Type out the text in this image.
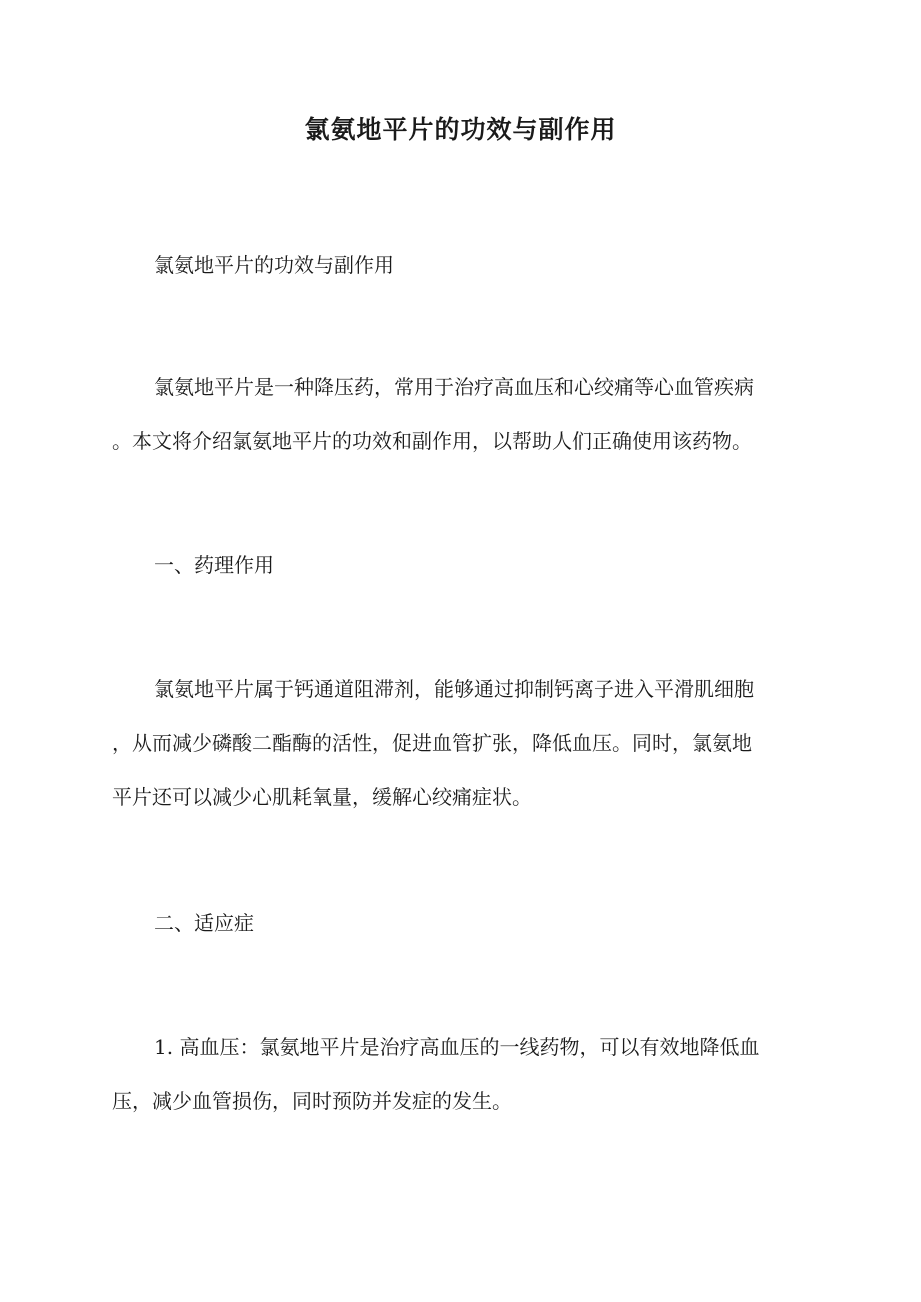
氯氨地平片的功效与副作用
氯氨地平片的功效与副作用
氯氨地平片是一种降压药，常用于治疗高血压和心绞痛等心血管疾病
。本文将介绍氯氨地平片的功效和副作用，以帮助人们正确使用该药物。
一、药理作用
氯氨地平片属于钙通道阻滞剂，能够通过抑制钙离子进入平滑肌细胞
，从而减少磷酸二酯酶的活性，促进血管扩张，降低血压。同时，氯氨地
平片还可以减少心肌耗氧量，缓解心绞痛症状。
二、适应症
1. 高血压：氯氨地平片是治疗高血压的一线药物，可以有效地降低血
压，减少血管损伤，同时预防并发症的发生。
